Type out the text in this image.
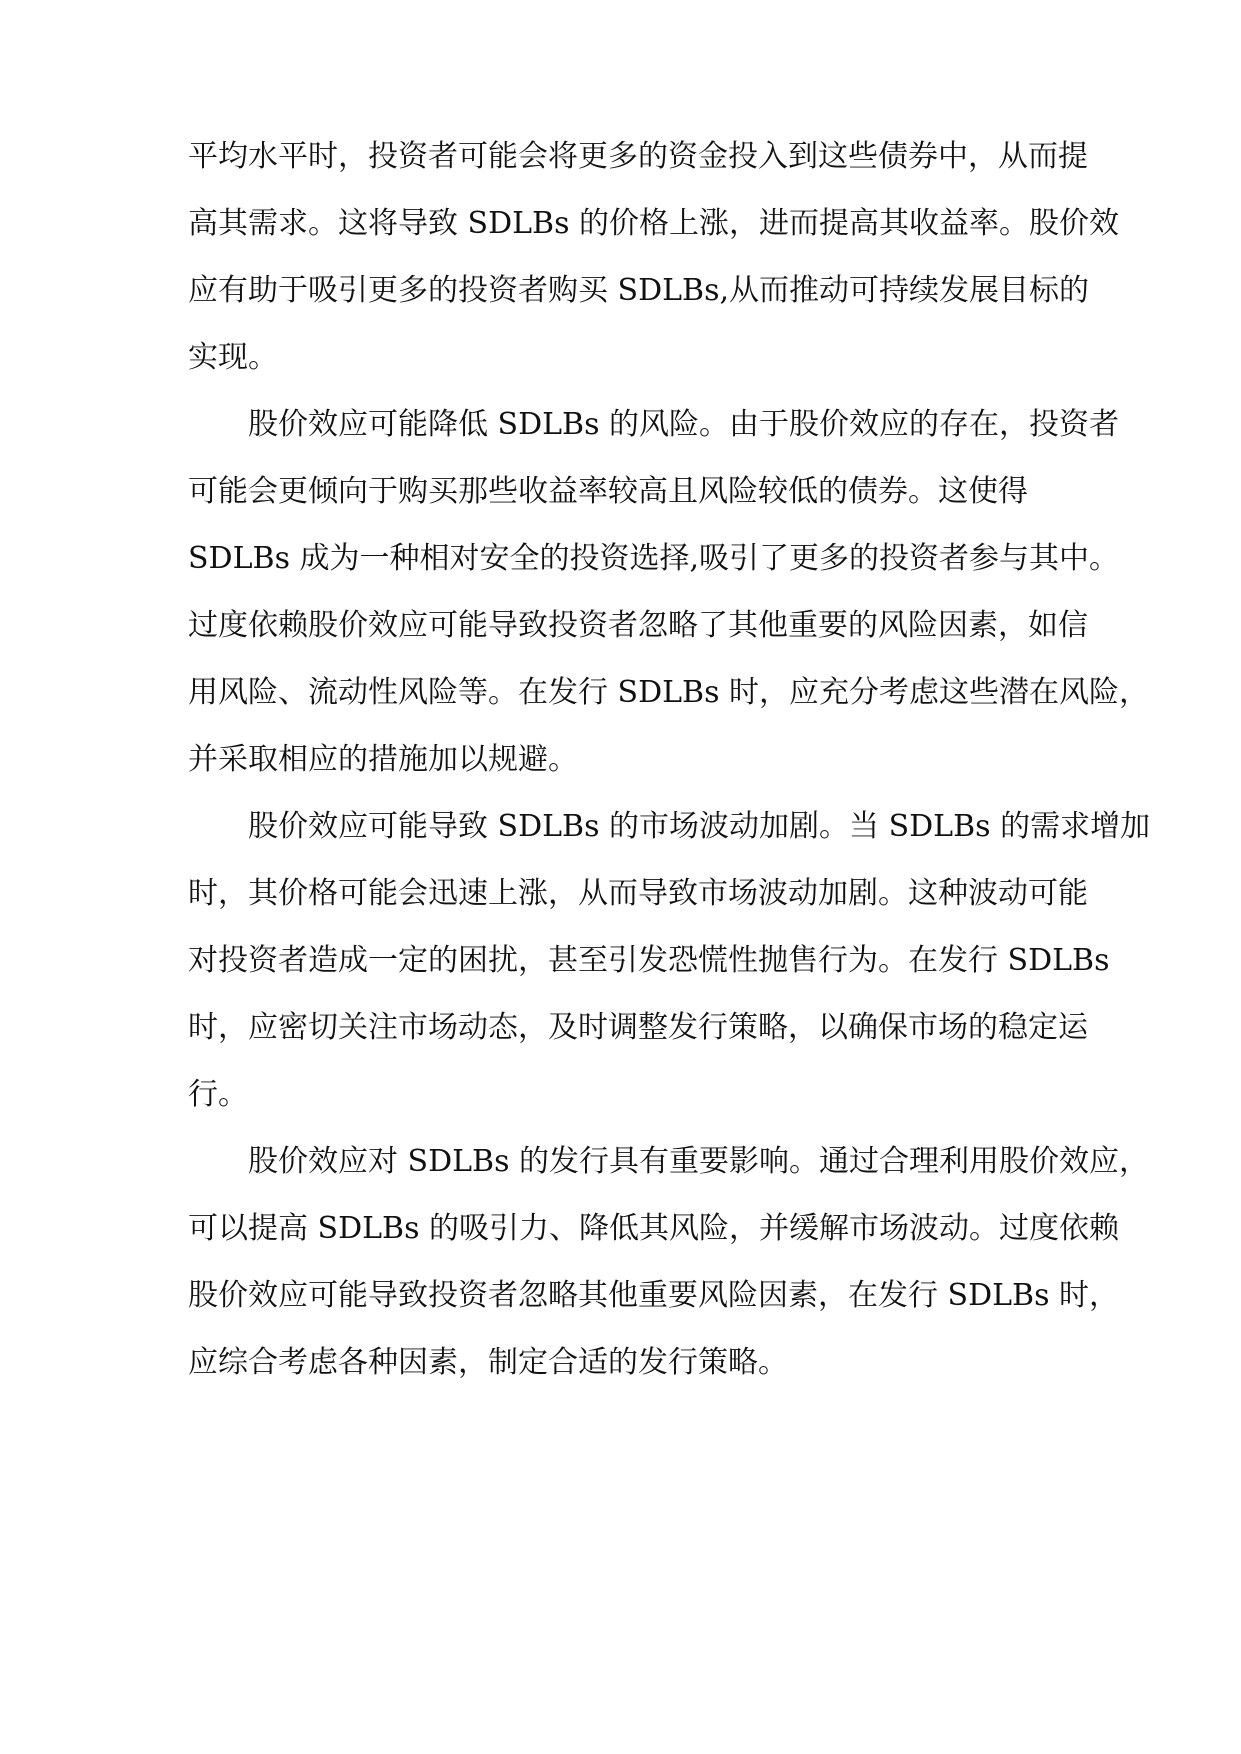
平均水平时，投资者可能会将更多的资金投入到这些债券中，从而提
高其需求。这将导致 SDLBs 的价格上涨，进而提高其收益率。股价效
应有助于吸引更多的投资者购买 SDLBs,从而推动可持续发展目标的
实现。
股价效应可能降低 SDLBs 的风险。由于股价效应的存在，投资者
可能会更倾向于购买那些收益率较高且风险较低的债券。这使得
SDLBs 成为一种相对安全的投资选择,吸引了更多的投资者参与其中。
过度依赖股价效应可能导致投资者忽略了其他重要的风险因素，如信
用风险、流动性风险等。在发行 SDLBs 时，应充分考虑这些潜在风险，
并采取相应的措施加以规避。
股价效应可能导致 SDLBs 的市场波动加剧。当 SDLBs 的需求增加
时，其价格可能会迅速上涨，从而导致市场波动加剧。这种波动可能
对投资者造成一定的困扰，甚至引发恐慌性抛售行为。在发行 SDLBs
时，应密切关注市场动态，及时调整发行策略，以确保市场的稳定运
行。
股价效应对 SDLBs 的发行具有重要影响。通过合理利用股价效应，
可以提高 SDLBs 的吸引力、降低其风险，并缓解市场波动。过度依赖
股价效应可能导致投资者忽略其他重要风险因素，在发行 SDLBs 时，
应综合考虑各种因素，制定合适的发行策略。
